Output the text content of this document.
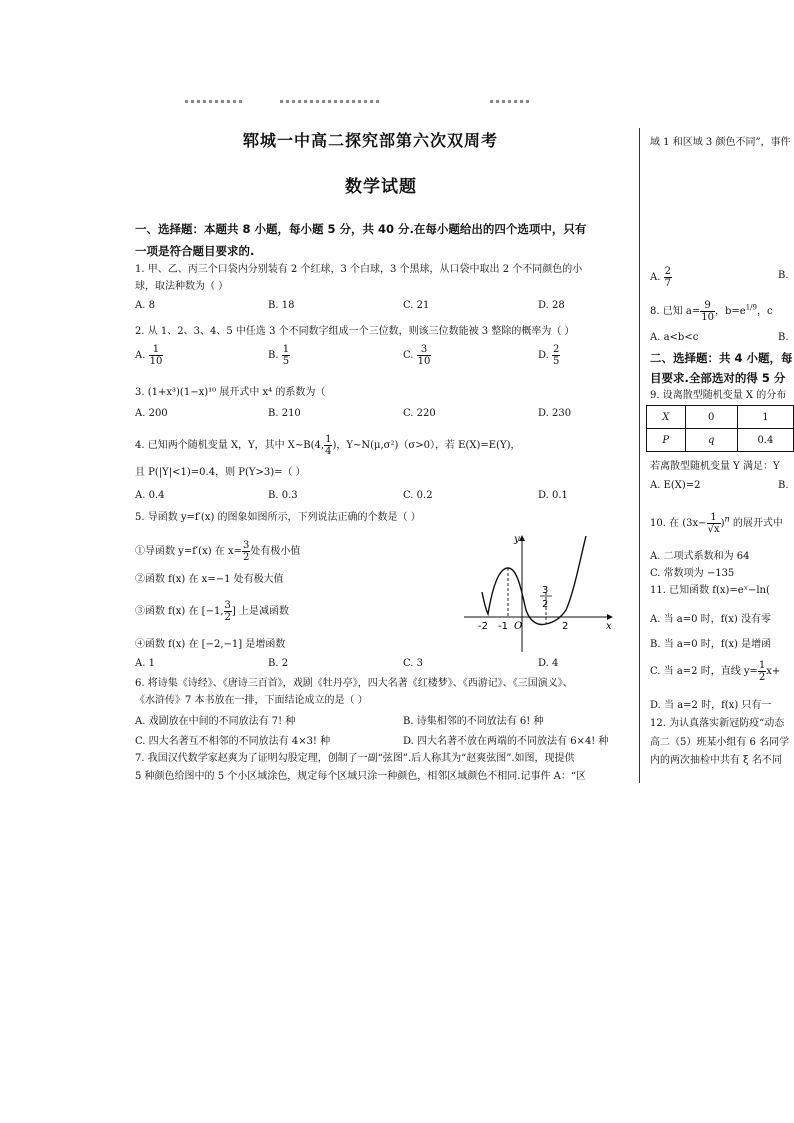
郓城一中高二探究部第六次双周考
数学试题
一、选择题：本题共 8 小题，每小题 5 分，共 40 分.在每小题给出的四个选项中，只有
一项是符合题目要求的.
1. 甲、乙、丙三个口袋内分别装有 2 个红球，3 个白球，3 个黑球，从口袋中取出 2 个不同颜色的小
球，取法种数为（ ）
A. 8	B. 18	C. 21	D. 28
2. 从 1、2、3、4、5 中任选 3 个不同数字组成一个三位数，则该三位数能被 3 整除的概率为（ ）
A. $\frac{1}{10}$	B. $\frac{1}{5}$	C. $\frac{3}{10}$	D. $\frac{2}{5}$
3. (1+x³)(1−x)¹⁰ 展开式中 x⁴ 的系数为（
A. 200	B. 210	C. 220	D. 230
4. 已知两个随机变量 X，Y，其中 X∼B(4, $\frac{1}{4}$ )，Y∼N(μ,σ²)（σ>0），若 E(X)=E(Y)，
且 P(|Y|<1)=0.4，则 P(Y>3)=（ ）
A. 0.4	B. 0.3	C. 0.2	D. 0.1
5. 导函数 y=f′(x) 的图象如图所示，下列说法正确的个数是（ ）
①导函数 y=f′(x) 在 $x= \frac{3}{2}$ 处有极小值
②函数 f(x) 在 x=−1 处有极大值
③函数 f(x) 在 [−1, $\frac{3}{2}$ ] 上是减函数
④函数 f(x) 在 [−2,−1] 是增函数
A. 1	B. 2	C. 3	D. 4
y
x
O
-2 -1	2
3
2
6. 将诗集《诗经》、《唐诗三百首》，戏剧《牡丹亭》，四大名著《红楼梦》、《西游记》、《三国演义》、
《水浒传》7 本书放在一排，下面结论成立的是（ ）
A. 戏剧放在中间的不同放法有 7! 种	B. 诗集相邻的不同放法有 6! 种
C. 四大名著互不相邻的不同放法有 4×3! 种	D. 四大名著不放在两端的不同放法有 6×4! 种
7. 我国汉代数学家赵爽为了证明勾股定理，创制了一副“弦图”.后人称其为“赵爽弦图”.如图，现提供
5 种颜色给图中的 5 个小区域涂色，规定每个区域只涂一种颜色，相邻区域颜色不相同.记事件 A：“区
域 1 和区域 3 颜色不同”，事件
A. $\frac{2}{7}$	B.
8. 已知 $a= \frac{9}{10}$ ，$b=e^{1/9}$，c
A. a<b<c	B.
二、选择题：共 4 小题，每
目要求.全部选对的得 5 分
9. 设离散型随机变量 X 的分布
X	0	1
P	q	0.4
若离散型随机变量 Y 满足：Y
A. E(X)=2	B.
10. 在 $(3x- \frac{1}{√x} )^n$ 的展开式中
A. 二项式系数和为 64
C. 常数项为 −135
11. 已知函数 f(x)=eˣ−ln(
A. 当 a=0 时，f(x) 没有零
B. 当 a=0 时，f(x) 是增函
C. 当 a=2 时，直线 $y= \frac{1}{2} x+$
D. 当 a=2 时，f(x) 只有一
12. 为认真落实新冠防疫“动态
高二（5）班某小组有 6 名同学
内的两次抽检中共有 ξ 名不同
